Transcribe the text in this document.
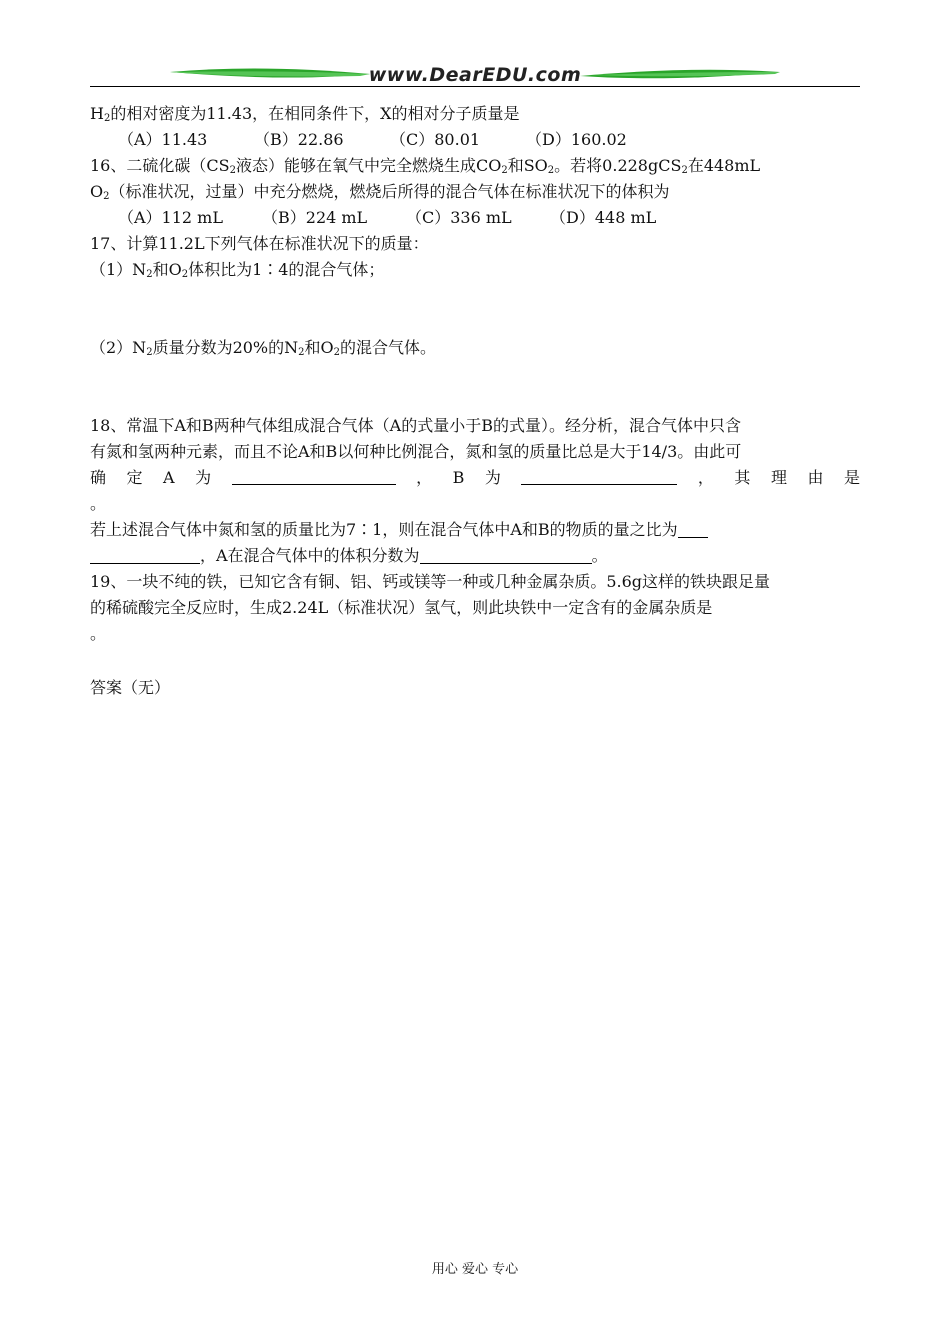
www.DearEDU.com
$H_2$的相对密度为11.43，在相同条件下，X的相对分子质量是
（A）11.43	（B）22.86	（C）80.01	（D）160.02
16、二硫化碳（$CS_2$液态）能够在氧气中完全燃烧生成$CO_2$和$SO_2$。若将0.228gCS$_2$在448mL
$O_2$（标准状况，过量）中充分燃烧，燃烧后所得的混合气体在标准状况下的体积为
（A）112 mL （B）224 mL （C）336 mL （D）448 mL
17、计算11.2L下列气体在标准状况下的质量：
$(1)N_2$和$O_2$体积比为1∶4的混合气体；
$(2)N_2$质量分数为20%的$N_2$和$O_2$的混合气体。
18、常温下A和B两种气体组成混合气体（A的式量小于B的式量）。经分析，混合气体中只含
有氮和氢两种元素，而且不论A和B以何种比例混合，氮和氢的质量比总是大于14/3。由此可
确 定 A 为	， B 为	， 其 理 由 是
。
若上述混合气体中氮和氢的质量比为7∶1，则在混合气体中A和B的物质的量之比为
，A在混合气体中的体积分数为	。
19、一块不纯的铁，已知它含有铜、铝、钙或镁等一种或几种金属杂质。5.6g这样的铁块跟足量
的稀硫酸完全反应时，生成2.24L（标准状况）氢气，则此块铁中一定含有的金属杂质是
。
答案（无）
用心 爱心 专心
